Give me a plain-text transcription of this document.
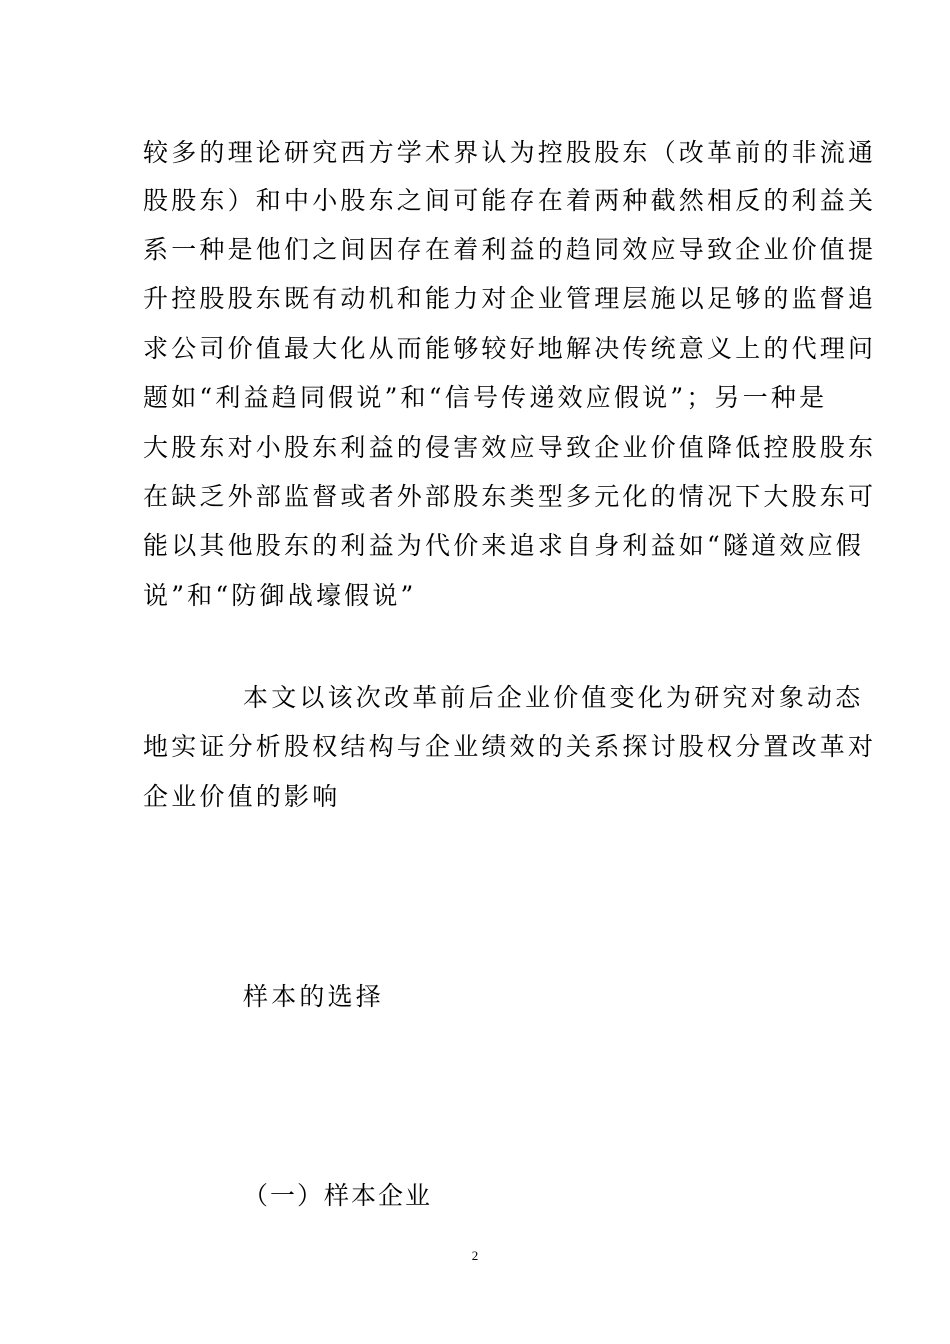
较多的理论研究西方学术界认为控股股东（改革前的非流通
股股东）和中小股东之间可能存在着两种截然相反的利益关
系一种是他们之间因存在着利益的趋同效应导致企业价值提
升控股股东既有动机和能力对企业管理层施以足够的监督追
求公司价值最大化从而能够较好地解决传统意义上的代理问
题如“利益趋同假说”和“信号传递效应假说”；另一种是
大股东对小股东利益的侵害效应导致企业价值降低控股股东
在缺乏外部监督或者外部股东类型多元化的情况下大股东可
能以其他股东的利益为代价来追求自身利益如“隧道效应假
说”和“防御战壕假说”
本文以该次改革前后企业价值变化为研究对象动态
地实证分析股权结构与企业绩效的关系探讨股权分置改革对
企业价值的影响
样本的选择
（一）样本企业
2
